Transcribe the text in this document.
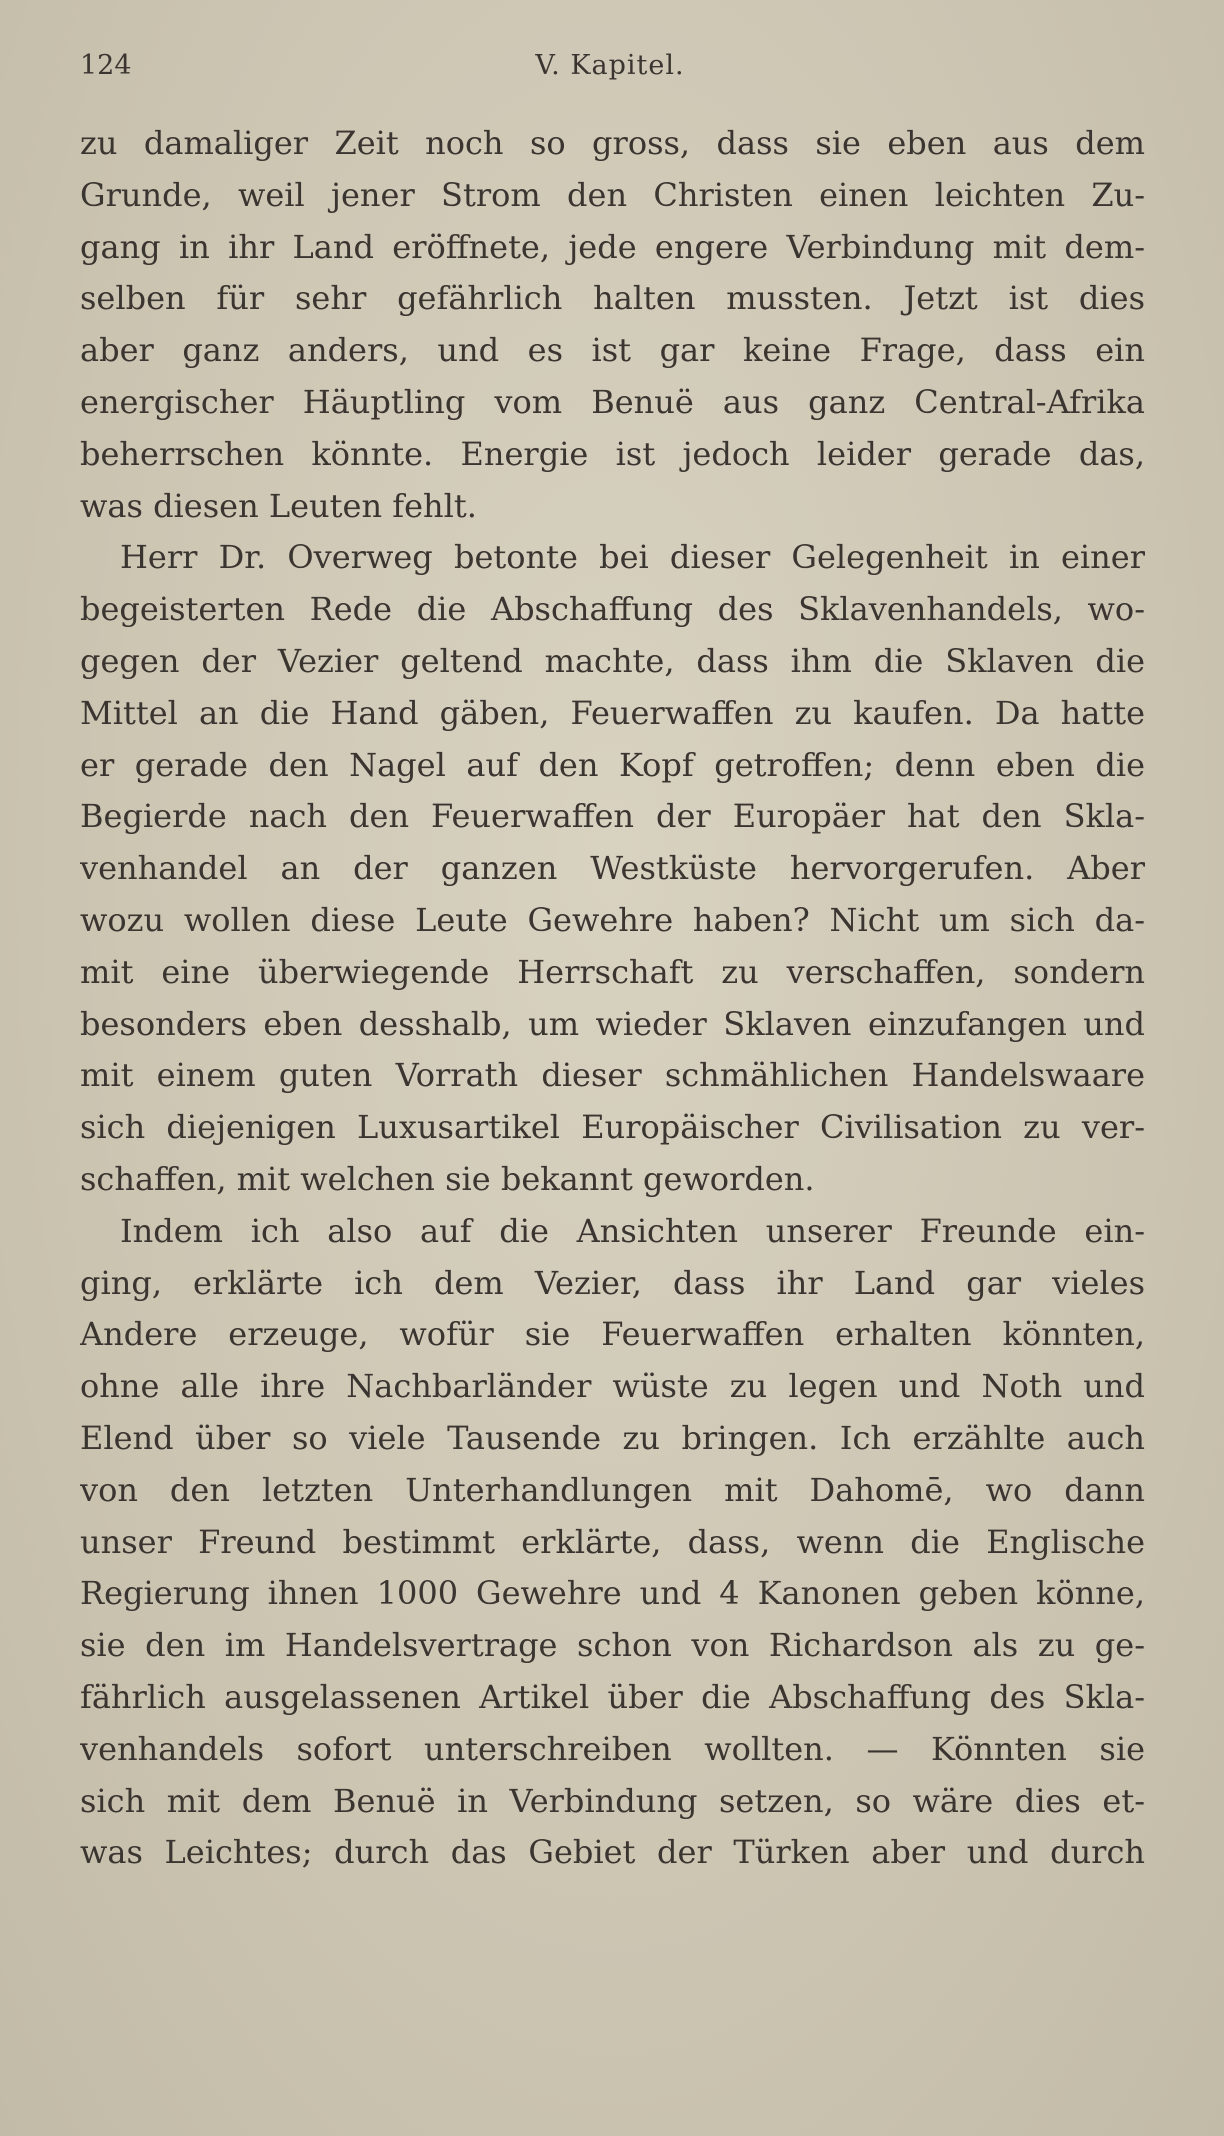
124	V. Kapitel.
zu damaliger Zeit noch so gross, dass sie eben aus dem
Grunde, weil jener Strom den Christen einen leichten Zu-
gang in ihr Land eröffnete, jede engere Verbindung mit dem-
selben für sehr gefährlich halten mussten. Jetzt ist dies
aber ganz anders, und es ist gar keine Frage, dass ein
energischer Häuptling vom Benuë aus ganz Central-Afrika
beherrschen könnte. Energie ist jedoch leider gerade das,
was diesen Leuten fehlt.
Herr Dr. Overweg betonte bei dieser Gelegenheit in einer
begeisterten Rede die Abschaffung des Sklavenhandels, wo-
gegen der Vezier geltend machte, dass ihm die Sklaven die
Mittel an die Hand gäben, Feuerwaffen zu kaufen. Da hatte
er gerade den Nagel auf den Kopf getroffen; denn eben die
Begierde nach den Feuerwaffen der Europäer hat den Skla-
venhandel an der ganzen Westküste hervorgerufen. Aber
wozu wollen diese Leute Gewehre haben? Nicht um sich da-
mit eine überwiegende Herrschaft zu verschaffen, sondern
besonders eben desshalb, um wieder Sklaven einzufangen und
mit einem guten Vorrath dieser schmählichen Handelswaare
sich diejenigen Luxusartikel Europäischer Civilisation zu ver-
schaffen, mit welchen sie bekannt geworden.
Indem ich also auf die Ansichten unserer Freunde ein-
ging, erklärte ich dem Vezier, dass ihr Land gar vieles
Andere erzeuge, wofür sie Feuerwaffen erhalten könnten,
ohne alle ihre Nachbarländer wüste zu legen und Noth und
Elend über so viele Tausende zu bringen. Ich erzählte auch
von den letzten Unterhandlungen mit Dahomē, wo dann
unser Freund bestimmt erklärte, dass, wenn die Englische
Regierung ihnen 1000 Gewehre und 4 Kanonen geben könne,
sie den im Handelsvertrage schon von Richardson als zu ge-
fährlich ausgelassenen Artikel über die Abschaffung des Skla-
venhandels sofort unterschreiben wollten. — Könnten sie
sich mit dem Benuë in Verbindung setzen, so wäre dies et-
was Leichtes; durch das Gebiet der Türken aber und durch
